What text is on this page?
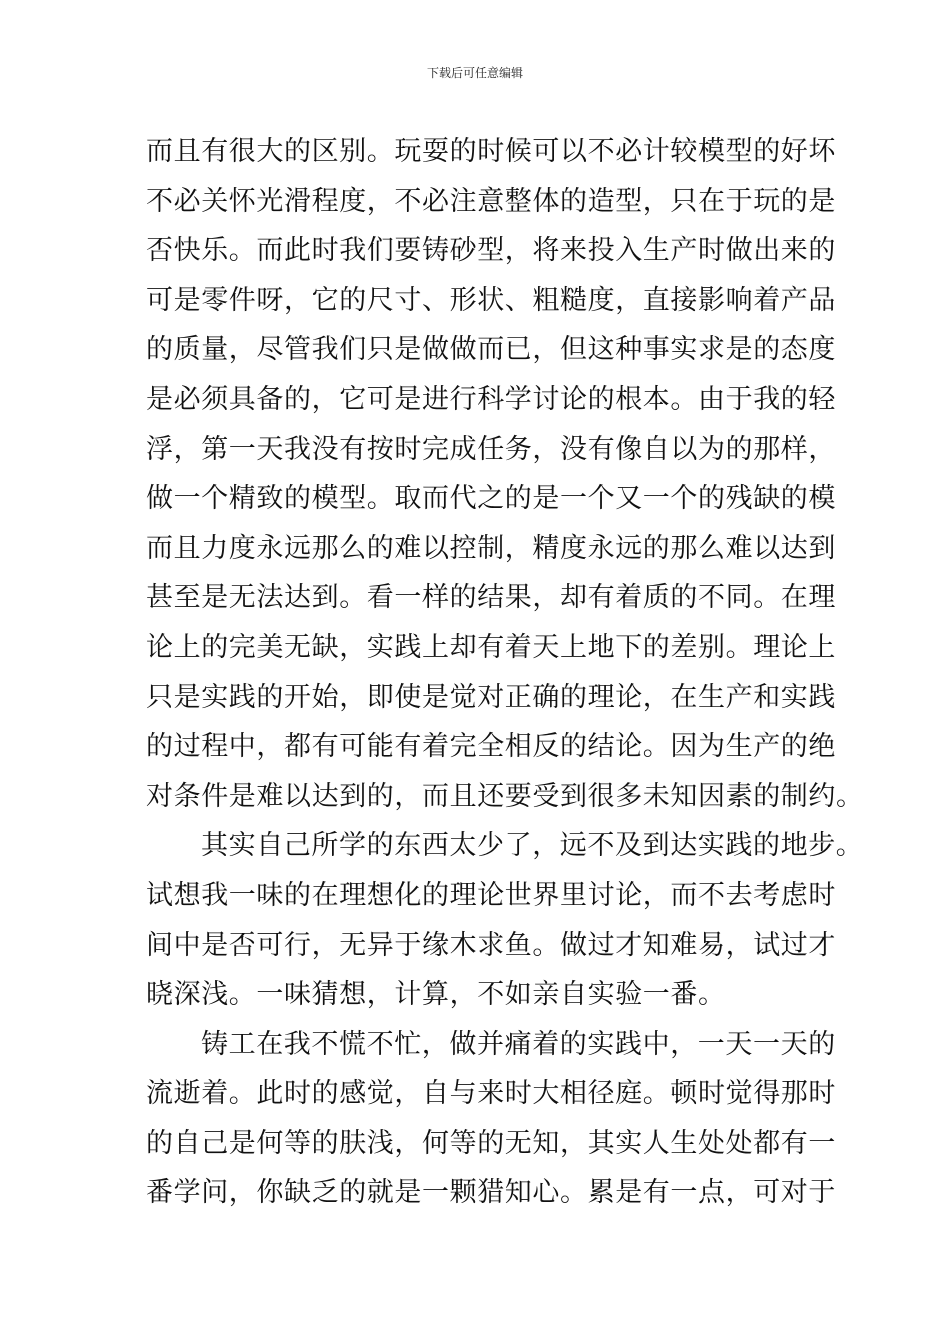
下载后可任意编辑
而且有很大的区别。玩耍的时候可以不必计较模型的好坏
不必关怀光滑程度，不必注意整体的造型，只在于玩的是
否快乐。而此时我们要铸砂型，将来投入生产时做出来的
可是零件呀，它的尺寸、形状、粗糙度，直接影响着产品
的质量，尽管我们只是做做而已，但这种事实求是的态度
是必须具备的，它可是进行科学讨论的根本。由于我的轻
浮，第一天我没有按时完成任务，没有像自以为的那样，
做一个精致的模型。取而代之的是一个又一个的残缺的模
而且力度永远那么的难以控制，精度永远的那么难以达到
甚至是无法达到。看一样的结果，却有着质的不同。在理
论上的完美无缺，实践上却有着天上地下的差别。理论上
只是实践的开始，即使是觉对正确的理论，在生产和实践
的过程中，都有可能有着完全相反的结论。因为生产的绝
对条件是难以达到的，而且还要受到很多未知因素的制约。
其实自己所学的东西太少了，远不及到达实践的地步。
试想我一味的在理想化的理论世界里讨论，而不去考虑时
间中是否可行，无异于缘木求鱼。做过才知难易，试过才
晓深浅。一味猜想，计算，不如亲自实验一番。
铸工在我不慌不忙，做并痛着的实践中，一天一天的
流逝着。此时的感觉，自与来时大相径庭。顿时觉得那时
的自己是何等的肤浅，何等的无知，其实人生处处都有一
番学问，你缺乏的就是一颗猎知心。累是有一点，可对于
